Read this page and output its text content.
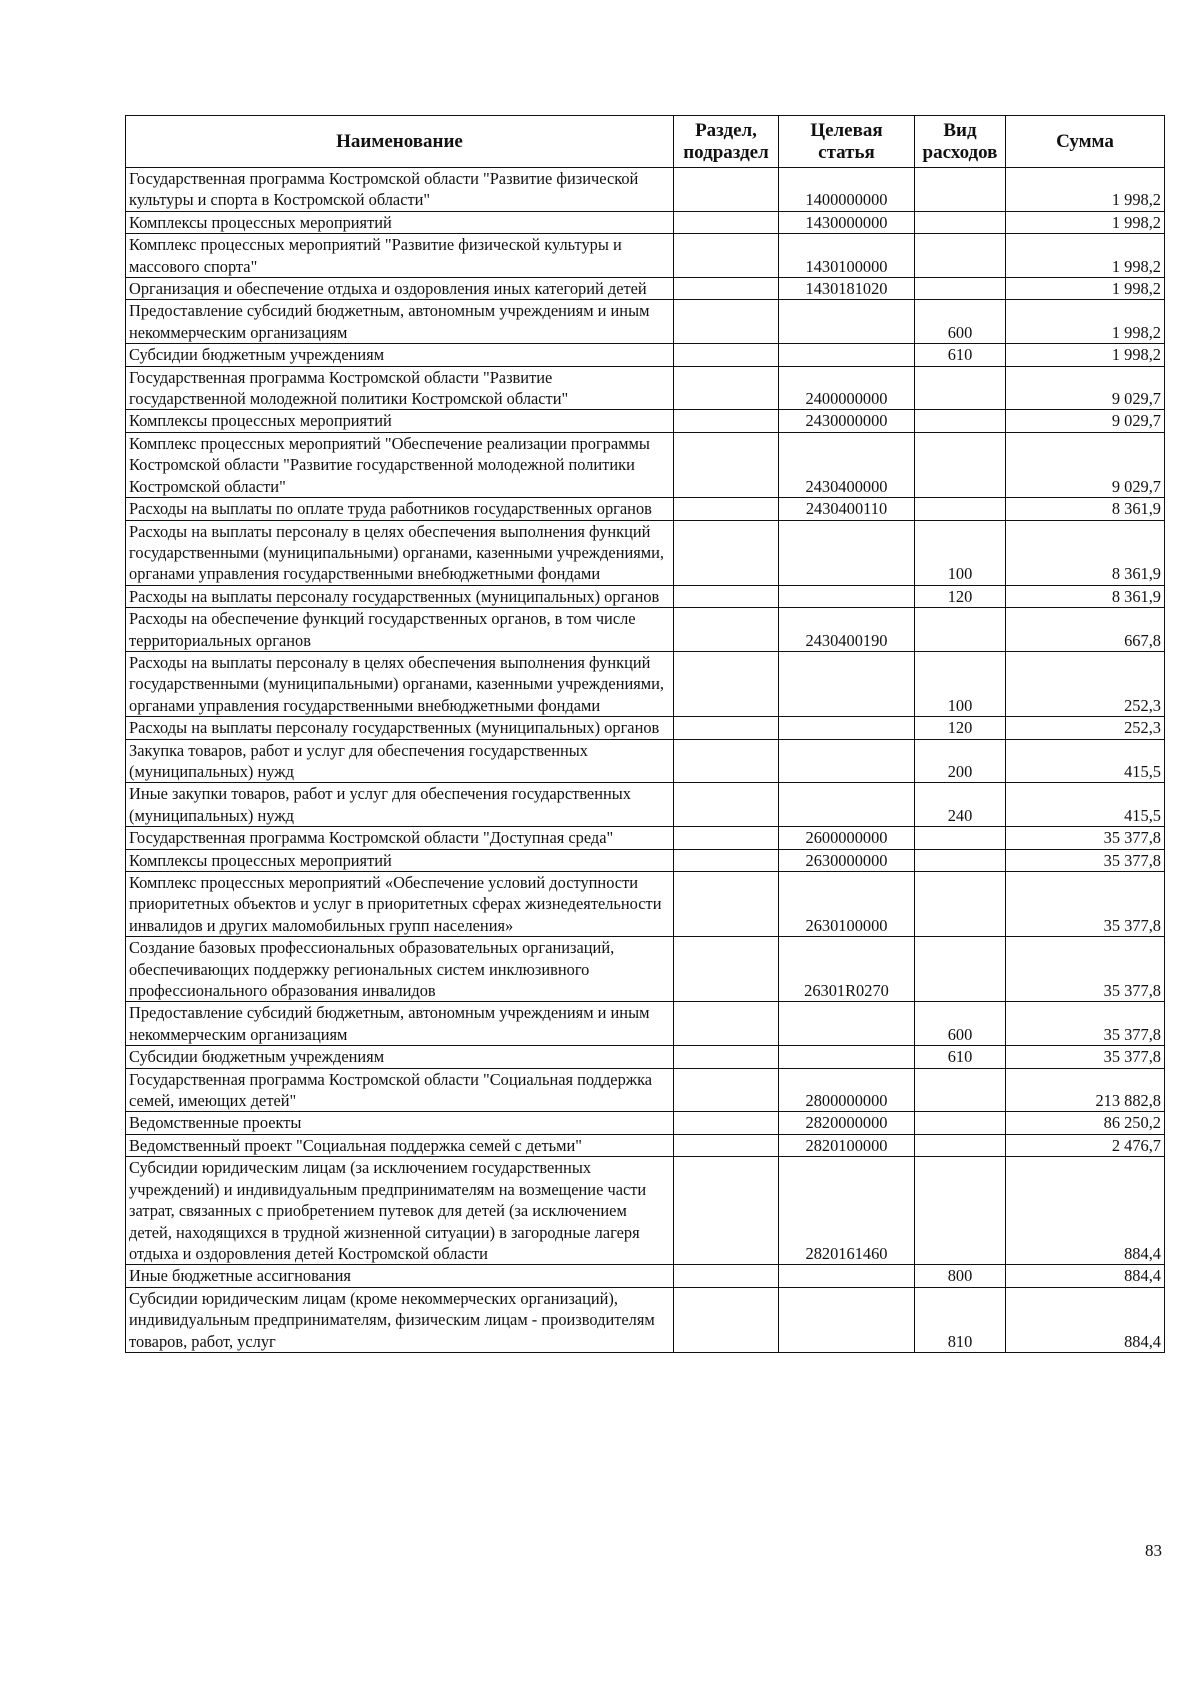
Наименование	Раздел, подраздел	Целевая статья	Вид расходов	Сумма
Государственная программа Костромской области "Развитие физической культуры и спорта в Костромской области"		1400000000		1 998,2
Комплексы процессных мероприятий		1430000000		1 998,2
Комплекс процессных мероприятий "Развитие физической культуры и массового спорта"		1430100000		1 998,2
Организация и обеспечение отдыха и оздоровления иных категорий детей		1430181020		1 998,2
Предоставление субсидий бюджетным, автономным учреждениям и иным некоммерческим организациям			600	1 998,2
Субсидии бюджетным учреждениям			610	1 998,2
Государственная программа Костромской области "Развитие государственной молодежной политики Костромской области"		2400000000		9 029,7
Комплексы процессных мероприятий		2430000000		9 029,7
Комплекс процессных мероприятий "Обеспечение реализации программы Костромской области "Развитие государственной молодежной политики Костромской области"		2430400000		9 029,7
Расходы на выплаты по оплате труда работников государственных органов		2430400110		8 361,9
Расходы на выплаты персоналу в целях обеспечения выполнения функций государственными (муниципальными) органами, казенными учреждениями, органами управления государственными внебюджетными фондами			100	8 361,9
Расходы на выплаты персоналу государственных (муниципальных) органов			120	8 361,9
Расходы на обеспечение функций государственных органов, в том числе территориальных органов		2430400190		667,8
Расходы на выплаты персоналу в целях обеспечения выполнения функций государственными (муниципальными) органами, казенными учреждениями, органами управления государственными внебюджетными фондами			100	252,3
Расходы на выплаты персоналу государственных (муниципальных) органов			120	252,3
Закупка товаров, работ и услуг для обеспечения государственных (муниципальных) нужд			200	415,5
Иные закупки товаров, работ и услуг для обеспечения государственных (муниципальных) нужд			240	415,5
Государственная программа Костромской области "Доступная среда"		2600000000		35 377,8
Комплексы процессных мероприятий		2630000000		35 377,8
Комплекс процессных мероприятий «Обеспечение условий доступности приоритетных объектов и услуг в приоритетных сферах жизнедеятельности инвалидов и других маломобильных групп населения»		2630100000		35 377,8
Создание базовых профессиональных образовательных организаций, обеспечивающих поддержку региональных систем инклюзивного профессионального образования инвалидов		26301R0270		35 377,8
Предоставление субсидий бюджетным, автономным учреждениям и иным некоммерческим организациям			600	35 377,8
Субсидии бюджетным учреждениям			610	35 377,8
Государственная программа Костромской области "Социальная поддержка семей, имеющих детей"		2800000000		213 882,8
Ведомственные проекты		2820000000		86 250,2
Ведомственный проект "Социальная поддержка семей с детьми"		2820100000		2 476,7
Субсидии юридическим лицам (за исключением государственных учреждений) и индивидуальным предпринимателям на возмещение части затрат, связанных с приобретением путевок для детей (за исключением детей, находящихся в трудной жизненной ситуации) в загородные лагеря отдыха и оздоровления детей Костромской области		2820161460		884,4
Иные бюджетные ассигнования			800	884,4
Субсидии юридическим лицам (кроме некоммерческих организаций), индивидуальным предпринимателям, физическим лицам - производителям товаров, работ, услуг			810	884,4
83
